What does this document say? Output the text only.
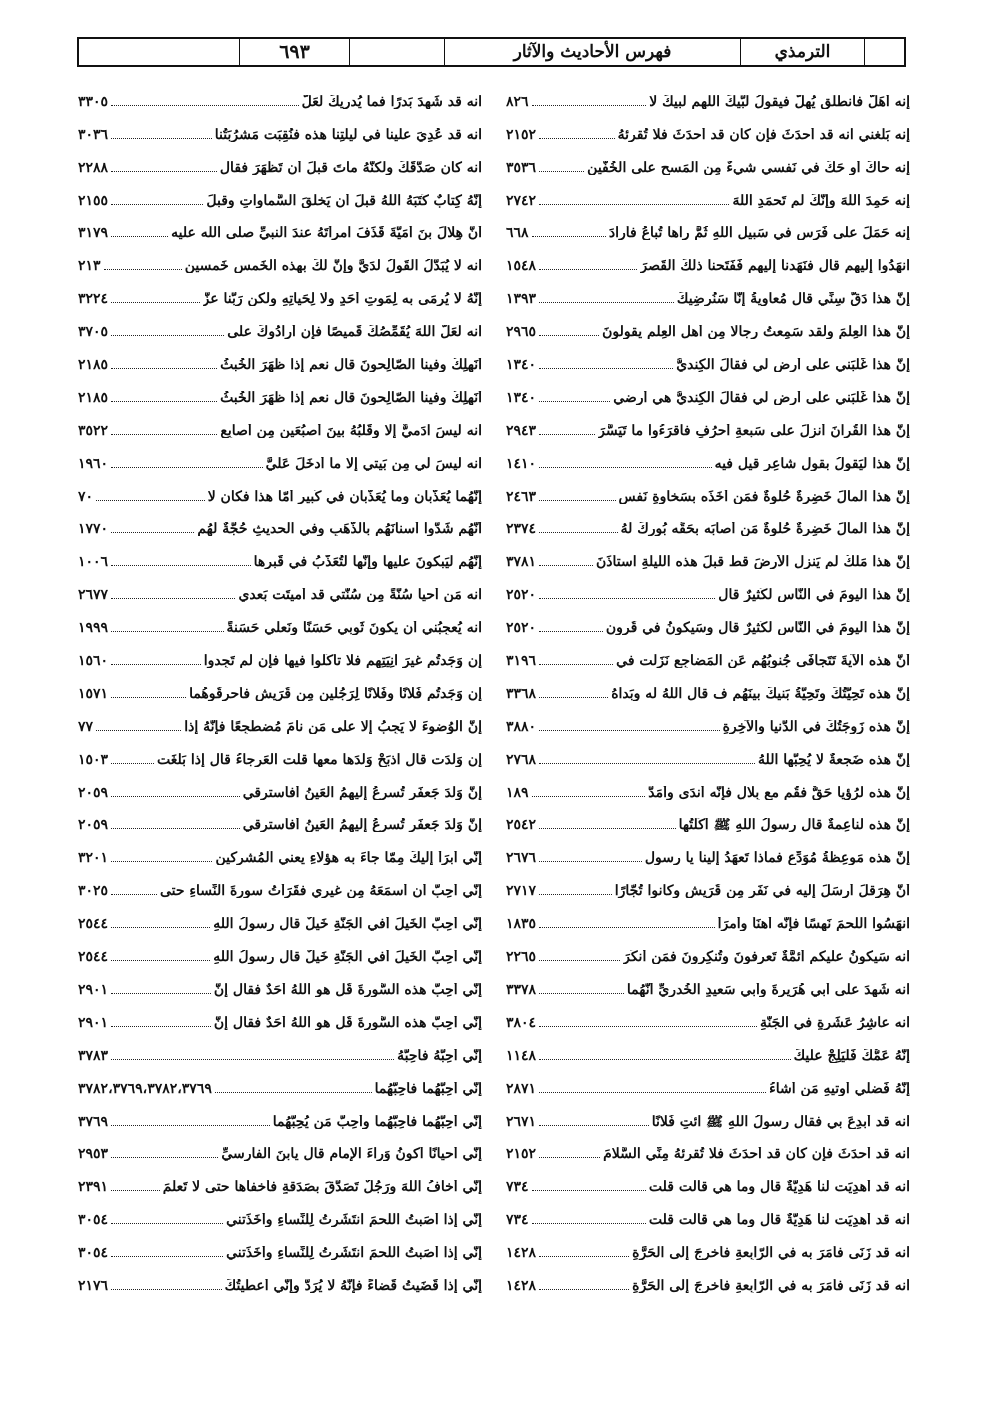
الترمذي
فهرس الأحاديث والآثار
٦٩٣
إنه أهَلَّ فانطَلَق يُهِلُّ فيقولُ لَبَّيكَ اللّهم لبيكَ لا
٨٢٦
إنه بَلَغني انه قد أحدَثَ فإن كان قد أحدَثَ فلا تُقرِئهُ
٢١٥٢
إنه حاكَ أو حَكَّ في نَفسي شيءٌ مِن المَسحِ على الخُفَّين
٣٥٣٦
إنه حَمِدَ اللهَ وإنَّكَ لم تَحمَدِ اللهَ
٢٧٤٢
إنه حَمَلَ على فَرَسٍ في سَبيلِ اللهِ ثُمَّ رآها تُباعُ فأرادَ
٦٦٨
انهَدُوا إليهم قال فنَهَدنا إليهم فَفَتَحنا ذلكَ القَصرَ
١٥٤٨
إنَّ هذا دَقَّ سِنِّي قال مُعاويةُ إنّا سَنُرضِيكَ
١٣٩٣
إنَّ هذا العِلمَ ولقد سَمِعتُ رِجالًا مِن أهلِ العِلمِ يقولونَ
٢٩٦٥
إنَّ هذا غَلَبَني على أرضٍ لي فقالَ الكِنديُّ
١٣٤٠
إنَّ هذا غَلَبَني على أرضٍ لي فقالَ الكِنديُّ هي أرضي
١٣٤٠
إنَّ هذا القُرآنَ أُنزِلَ على سَبعةِ أحرُفٍ فاقرَءُوا ما تَيَسَّرَ
٢٩٤٣
إنَّ هذا لَيَقولُ بقولِ شاعِرٍ قيل فيه
١٤١٠
إنَّ هذا المالَ خَضِرةٌ حُلوةٌ فمَن أخَذَه بسَخاوةِ نَفسٍ
٢٤٦٣
إنَّ هذا المالَ خَضِرةٌ حُلوةٌ مَن أصابَه بحَقِّه بُورِكَ لهُ
٢٣٧٤
إنَّ هذا مَلَكٌ لم يَنزِلِ الأرضَ قطُّ قبلَ هذه اللَّيلةِ استأذَنَ
٣٧٨١
إنَّ هذا اليومَ في النّاسِ لَكَثيرٌ قال
٢٥٢٠
إنَّ هذا اليومَ في النّاسِ لَكَثيرٌ قال وسَيكونُ في قُرونٍ
٢٥٢٠
أنَّ هذه الآيةَ تَتَجافَى جُنوبُهُم عَنِ المَضاجِعِ نَزَلَت في
٣١٩٦
إنَّ هذه تَحِيَّتُكَ وتَحِيَّةُ بَنيكَ بينَهُم ف قال اللهُ له وبَداهُ
٣٣٦٨
إنَّ هذه زَوجَتُكَ في الدُّنيا والآخِرةِ
٣٨٨٠
إنَّ هذه ضَجعةٌ لا يُحِبُّها اللهُ
٢٧٦٨
إنَّ هذه لَرُؤيا حَقٌّ فقُم مع بِلالٍ فإنَّه أندَى وأمَدُّ
١٨٩
إنَّ هذه لَناعِمةٌ قال رسولُ اللهِ ﷺ أكَلتُها
٢٥٤٢
إنَّ هذه مَوعِظةُ مُوَدِّعٍ فماذا تَعهَدُ إلينا يا رسول
٢٦٧٦
أنَّ هِرَقلَ أرسَلَ إليه في نَفَرٍ مِن قُرَيشٍ وكانوا تُجّارًا
٢٧١٧
انهَسُوا اللَّحمَ نَهسًا فإنَّه أهنَأُ وأمرَأُ
١٨٣٥
انه سَيكونُ عليكم أئمَّةٌ تَعرِفونَ وتُنكِرونَ فمَن أنكَرَ
٢٢٦٥
انه شَهِدَ على أبي هُرَيرةَ وأبي سَعيدٍ الخُدريِّ أنَّهُما
٣٣٧٨
انه عاشِرُ عَشَرةٍ في الجَنَّةِ
٣٨٠٤
إنَّهُ عَمُّكَ فَلْيَلِجْ عليكَ
١١٤٨
إنَّهُ فَضلي أُوتيهِ مَن أشاءُ
٢٨٧١
انه قد أُبدِعَ بي فقال رسولُ اللهِ ﷺ ائتِ فُلانًا
٢٦٧١
انه قد أحدَثَ فإن كان قد أحدَثَ فلا تُقرِئهُ مِنِّي السَّلامَ
٢١٥٢
انه قد أُهدِيَت لنا هَدِيَّةٌ قال وما هي قالت قلت
٧٣٤
انه قد أُهدِيَت لنا هَدِيَّةٌ قال وما هي قالت قلت
٧٣٤
انه قد زَنَى فأمَرَ به في الرّابِعةِ فأُخرِجَ إلى الحَرَّةِ
١٤٢٨
انه قد زَنَى فأمَرَ به في الرّابِعةِ فأُخرِجَ إلى الحَرَّةِ
١٤٢٨
انه قد شَهِدَ بَدرًا فما يُدريكَ لَعَلَّ
٣٣٠٥
انه قد عُدِيَ علينا في لَيلَتِنا هذه فنُقِبَت مَشرُبَتُنا
٣٠٣٦
انه كان صَدَّقَكَ ولكنَّهُ ماتَ قبلَ أن تَظهَرَ فقال
٢٢٨٨
إنَّهُ كِتابٌ كَتَبَهُ اللهُ قبلَ أن يَخلُقَ السَّماواتِ وقبلَ
٢١٥٥
أنَّ هِلالَ بنَ أُمَيَّةَ قَذَفَ امرأتَهُ عندَ النبيِّ صلى الله عليه
٣١٧٩
انه لا يُبَدَّلُ القَولُ لَدَيَّ وإنَّ لَكَ بهذه الخَمسِ خَمسين
٢١٣
إنَّهُ لا يُرمَى به لِمَوتِ أحَدٍ ولا لِحَياتِهِ ولكن رَبُّنا عزَّ
٣٢٢٤
انه لَعَلَّ اللهَ يُقَمِّصُكَ قَميصًا فإن أرادُوكَ على
٣٧٠٥
أنَهلِكُ وفينا الصّالِحونَ قال نعم إذا ظَهَرَ الخُبثُ
٢١٨٥
أنَهلِكُ وفينا الصّالِحونَ قال نعم إذا ظَهَرَ الخُبثُ
٢١٨٥
انه لَيسَ آدَميٌّ إلّا وقَلبُهُ بينَ أُصبُعَينِ مِن أصابِعِ
٣٥٢٢
انه لَيسَ لي مِن بَيتي إلّا ما أدخَلَ عَلَيَّ
١٩٦٠
إنَّهُما يُعَذَّبانِ وما يُعَذَّبانِ في كَبيرٍ أمّا هذا فكان لا
٧٠
أنَّهُم شَدُّوا أسنانَهُم بالذَّهَبِ وفي الحديثِ حُجَّةٌ لَهُم
١٧٧٠
إنَّهُم لَيَبكونَ عليها وإنَّها لَتُعَذَّبُ في قَبرِها
١٠٠٦
انه مَن أحيا سُنَّةً مِن سُنَّتي قد أُميتَت بَعدي
٢٦٧٧
انه يُعجِبُني أن يكونَ ثَوبي حَسَنًا ونَعلي حَسَنةً
١٩٩٩
إن وَجَدتُم غيرَ آنِيَتِهِم فلا تأكُلوا فيها فإن لم تَجِدوا
١٥٦٠
إن وَجَدتُم فُلانًا وفُلانًا لِرَجُلَينِ مِن قُرَيشٍ فأحرِقُوهُما
١٥٧١
إنَّ الوُضوءَ لا يَجِبُ إلّا على مَن نامَ مُضطَجِعًا فإنَّهُ إذا
٧٧
إن وَلَدَت قال اذبَحْ وَلَدَها معها قلت العَرجاءُ قال إذا بَلَغَت
١٥٠٣
إنَّ وَلَدَ جَعفَرٍ تُسرِعُ إليهِمُ العَينُ أفأسترقي
٢٠٥٩
إنَّ وَلَدَ جَعفَرٍ تُسرِعُ إليهِمُ العَينُ أفأسترقي
٢٠٥٩
إنّي أبرَأُ إليكَ مِمّا جاءَ به هؤلاءِ يعني المُشرِكين
٣٢٠١
إنّي أُحِبُّ أن أسمَعَهُ مِن غيري فقَرَأتُ سورةَ النِّساءِ حتى
٣٠٢٥
إنّي أُحِبُّ الخَيلَ أفي الجَنَّةِ خَيلٌ قال رسولُ اللهِ
٢٥٤٤
إنّي أُحِبُّ الخَيلَ أفي الجَنَّةِ خَيلٌ قال رسولُ اللهِ
٢٥٤٤
إنّي أُحِبُّ هذه السُّورةَ قُل هو اللهُ أحَدٌ فقال إنَّ
٢٩٠١
إنّي أُحِبُّ هذه السُّورةَ قُل هو اللهُ أحَدٌ فقال إنَّ
٢٩٠١
إنّي أُحِبُّهُ فأحِبَّهُ
٣٧٨٣
إنّي أُحِبُّهُما فأحِبَّهُما
٣٧٨٢،٣٧٦٩،٣٧٨٢،٣٧٦٩
إنّي أُحِبُّهُما فأحِبَّهُما وأحِبَّ مَن يُحِبُّهُما
٣٧٦٩
إنّي أحيانًا أكونُ وَراءَ الإمامِ قال يابنَ الفارِسيِّ
٢٩٥٣
إنّي أخافُ اللهَ ورَجُلٌ تَصَدَّقَ بصَدَقةٍ فأخفاها حتى لا تَعلَمَ
٢٣٩١
إنّي إذا أصَبتُ اللَّحمَ انتَشَرتُ لِلنِّساءِ وأخَذَتني
٣٠٥٤
إنّي إذا أصَبتُ اللَّحمَ انتَشَرتُ لِلنِّساءِ وأخَذَتني
٣٠٥٤
إنّي إذا قَضَيتُ قَضاءً فإنَّهُ لا يُرَدُّ وإنّي أعطَيتُكَ
٢١٧٦
